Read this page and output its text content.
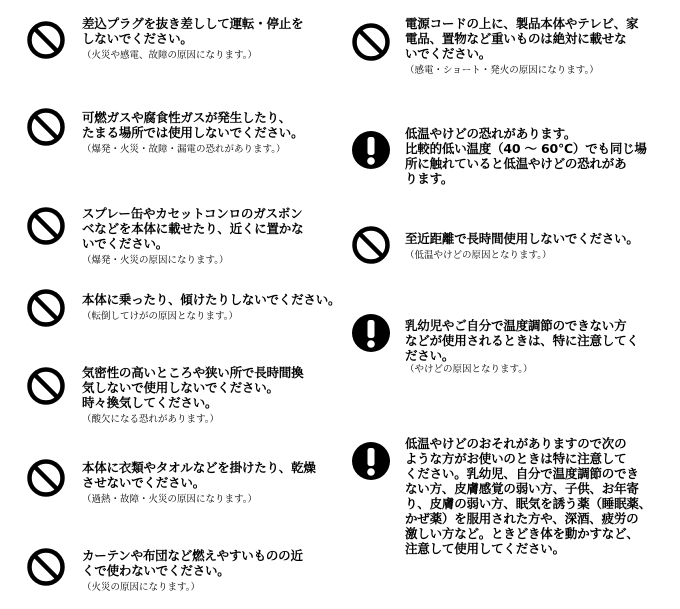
差込プラグを抜き差しして運転・停止を
しないでください。
（火災や感電、故障の原因になります。）
可燃ガスや腐食性ガスが発生したり、
たまる場所では使用しないでください。
（爆発・火災・故障・漏電の恐れがあります。）
スプレー缶やカセットコンロのガスボン
ベなどを本体に載せたり、近くに置かな
いでください。
（爆発・火災の原因になります。）
本体に乗ったり、傾けたりしないでください。
（転倒してけがの原因となります。）
気密性の高いところや狭い所で長時間換
気しないで使用しないでください。
時々換気してください。
（酸欠になる恐れがあります。）
本体に衣類やタオルなどを掛けたり、乾燥
させないでください。
（過熱・故障・火災の原因になります。）
カーテンや布団など燃えやすいものの近
くで使わないでください。
（火災の原因になります。）
電源コードの上に、製品本体やテレビ、家
電品、置物など重いものは絶対に載せな
いでください。
（感電・ショート・発火の原因になります。）
低温やけどの恐れがあります。
比較的低い温度（40 〜 60℃）でも同じ場
所に触れていると低温やけどの恐れがあ
ります。
至近距離で長時間使用しないでください。
（低温やけどの原因となります。）
乳幼児やご自分で温度調節のできない方
などが使用されるときは、特に注意してく
ださい。
（やけどの原因となります。）
低温やけどのおそれがありますので次の
ような方がお使いのときは特に注意して
ください。乳幼児、自分で温度調節のでき
ない方、皮膚感覚の弱い方、子供、お年寄
り、皮膚の弱い方、眠気を誘う薬（睡眠薬、
かぜ薬）を服用された方や、深酒、疲労の
激しい方など。ときどき体を動かすなど、
注意して使用してください。
